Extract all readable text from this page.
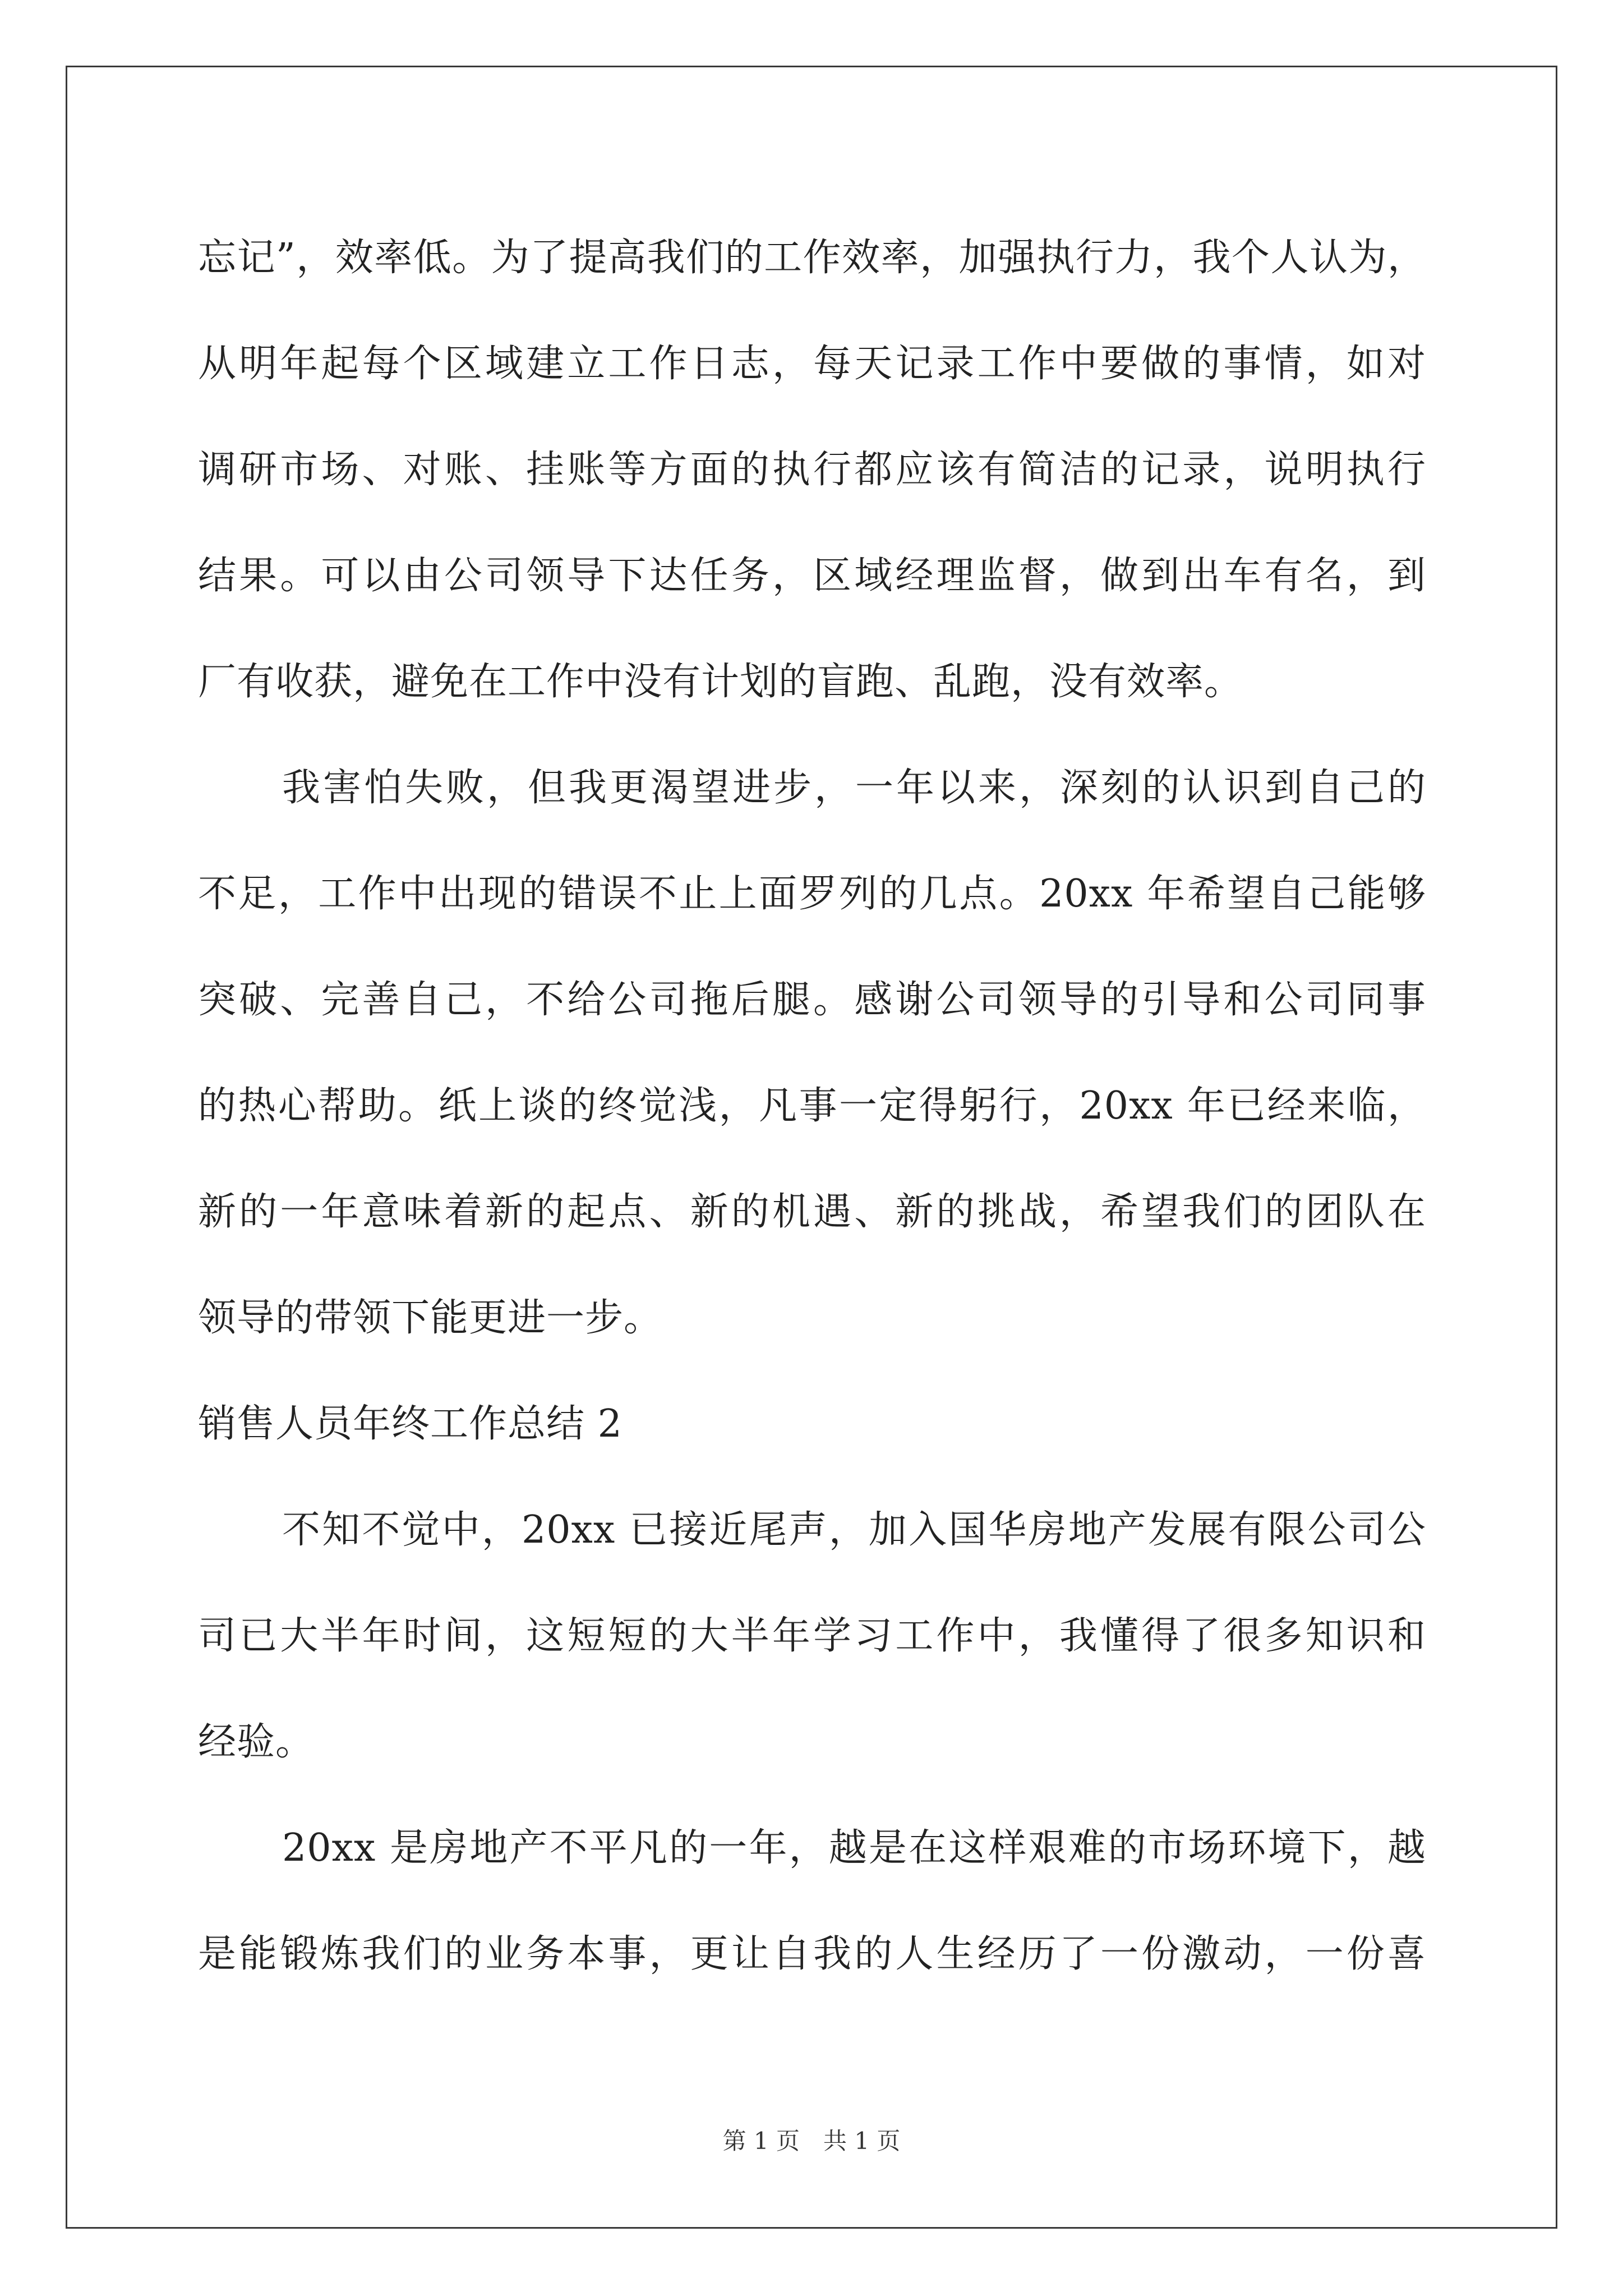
忘记”，效率低。为了提高我们的工作效率，加强执行力，我个人认为，
从明年起每个区域建立工作日志，每天记录工作中要做的事情，如对
调研市场、对账、挂账等方面的执行都应该有简洁的记录，说明执行
结果。可以由公司领导下达任务，区域经理监督，做到出车有名，到
厂有收获，避免在工作中没有计划的盲跑、乱跑，没有效率。
我害怕失败，但我更渴望进步，一年以来，深刻的认识到自己的
不足，工作中出现的错误不止上面罗列的几点。20xx 年希望自己能够
突破、完善自己，不给公司拖后腿。感谢公司领导的引导和公司同事
的热心帮助。纸上谈的终觉浅，凡事一定得躬行，20xx 年已经来临，
新的一年意味着新的起点、新的机遇、新的挑战，希望我们的团队在
领导的带领下能更进一步。
销售人员年终工作总结 2
不知不觉中，20xx 已接近尾声，加入国华房地产发展有限公司公
司已大半年时间，这短短的大半年学习工作中，我懂得了很多知识和
经验。
20xx 是房地产不平凡的一年，越是在这样艰难的市场环境下，越
是能锻炼我们的业务本事，更让自我的人生经历了一份激动，一份喜
第 1 页　共 1 页
